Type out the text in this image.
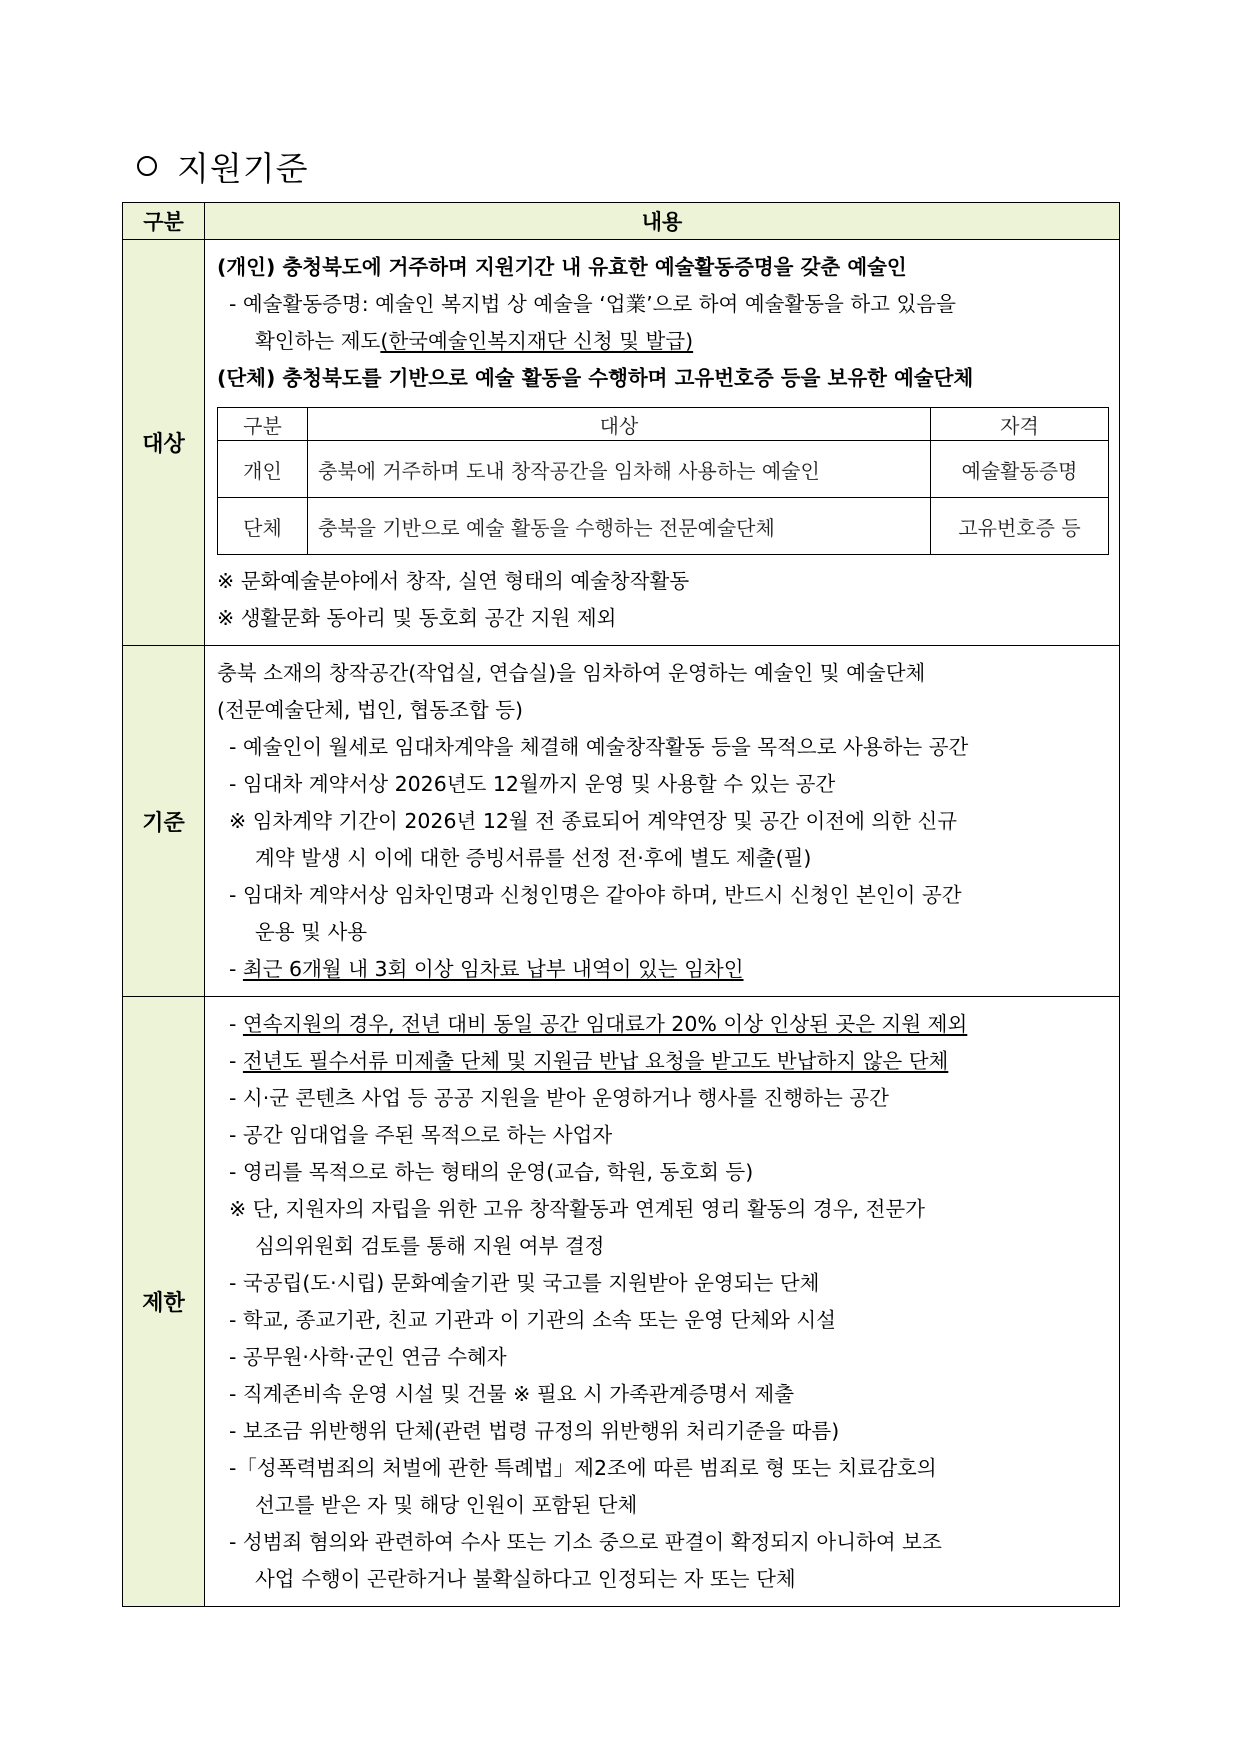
지원기준
구분	내용
대상	
(개인) 충청북도에 거주하며 지원기간 내 유효한 예술활동증명을 갖춘 예술인
- 예술활동증명: 예술인 복지법 상 예술을 ‘업業’으로 하여 예술활동을 하고 있음을
확인하는 제도(한국예술인복지재단 신청 및 발급)
(단체) 충청북도를 기반으로 예술 활동을 수행하며 고유번호증 등을 보유한 예술단체
구분	대상	자격
개인	충북에 거주하며 도내 창작공간을 임차해 사용하는 예술인	예술활동증명
단체	충북을 기반으로 예술 활동을 수행하는 전문예술단체	고유번호증 등
※ 문화예술분야에서 창작, 실연 형태의 예술창작활동
※ 생활문화 동아리 및 동호회 공간 지원 제외

기준	
충북 소재의 창작공간(작업실, 연습실)을 임차하여 운영하는 예술인 및 예술단체
(전문예술단체, 법인, 협동조합 등)
- 예술인이 월세로 임대차계약을 체결해 예술창작활동 등을 목적으로 사용하는 공간
- 임대차 계약서상 2026년도 12월까지 운영 및 사용할 수 있는 공간
※ 임차계약 기간이 2026년 12월 전 종료되어 계약연장 및 공간 이전에 의한 신규
계약 발생 시 이에 대한 증빙서류를 선정 전·후에 별도 제출(필)
- 임대차 계약서상 임차인명과 신청인명은 같아야 하며, 반드시 신청인 본인이 공간
운용 및 사용
- 최근 6개월 내 3회 이상 임차료 납부 내역이 있는 임차인

제한	
- 연속지원의 경우, 전년 대비 동일 공간 임대료가 20% 이상 인상된 곳은 지원 제외
- 전년도 필수서류 미제출 단체 및 지원금 반납 요청을 받고도 반납하지 않은 단체
- 시·군 콘텐츠 사업 등 공공 지원을 받아 운영하거나 행사를 진행하는 공간
- 공간 임대업을 주된 목적으로 하는 사업자
- 영리를 목적으로 하는 형태의 운영(교습, 학원, 동호회 등)
※ 단, 지원자의 자립을 위한 고유 창작활동과 연계된 영리 활동의 경우, 전문가
심의위원회 검토를 통해 지원 여부 결정
- 국공립(도·시립) 문화예술기관 및 국고를 지원받아 운영되는 단체
- 학교, 종교기관, 친교 기관과 이 기관의 소속 또는 운영 단체와 시설
- 공무원·사학·군인 연금 수혜자
- 직계존비속 운영 시설 및 건물 ※ 필요 시 가족관계증명서 제출
- 보조금 위반행위 단체(관련 법령 규정의 위반행위 처리기준을 따름)
-「성폭력범죄의 처벌에 관한 특례법」제2조에 따른 범죄로 형 또는 치료감호의
선고를 받은 자 및 해당 인원이 포함된 단체
- 성범죄 혐의와 관련하여 수사 또는 기소 중으로 판결이 확정되지 아니하여 보조
사업 수행이 곤란하거나 불확실하다고 인정되는 자 또는 단체
